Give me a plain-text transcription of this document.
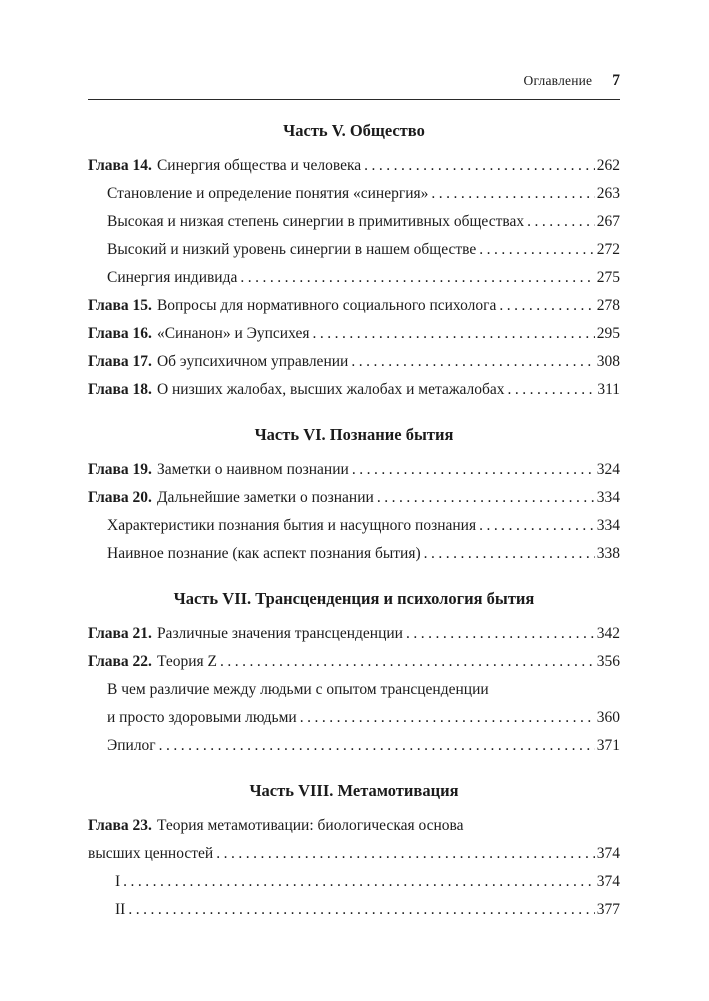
Оглавление 7
Часть V. Общество
Глава 14. Синергия общества и человека .....	262
Становление и определение понятия «синергия» .....	263
Высокая и низкая степень синергии в примитивных обществах .....	267
Высокий и низкий уровень синергии в нашем обществе .....	272
Синергия индивида .....	275
Глава 15. Вопросы для нормативного социального психолога .....	278
Глава 16. «Синанон» и Эупсихея .....	295
Глава 17. Об эупсихичном управлении .....	308
Глава 18. О низших жалобах, высших жалобах и метажалобах .....	311
Часть VI. Познание бытия
Глава 19. Заметки о наивном познании .....	324
Глава 20. Дальнейшие заметки о познании .....	334
Характеристики познания бытия и насущного познания .....	334
Наивное познание (как аспект познания бытия) .....	338
Часть VII. Трансценденция и психология бытия
Глава 21. Различные значения трансценденции .....	342
Глава 22. Теория Z .....	356
В чем различие между людьми с опытом трансценденции
и просто здоровыми людьми .....	360
Эпилог .....	371
Часть VIII. Метамотивация
Глава 23. Теория метамотивации: биологическая основа
высших ценностей .....	374
I .....	374
II .....	377
